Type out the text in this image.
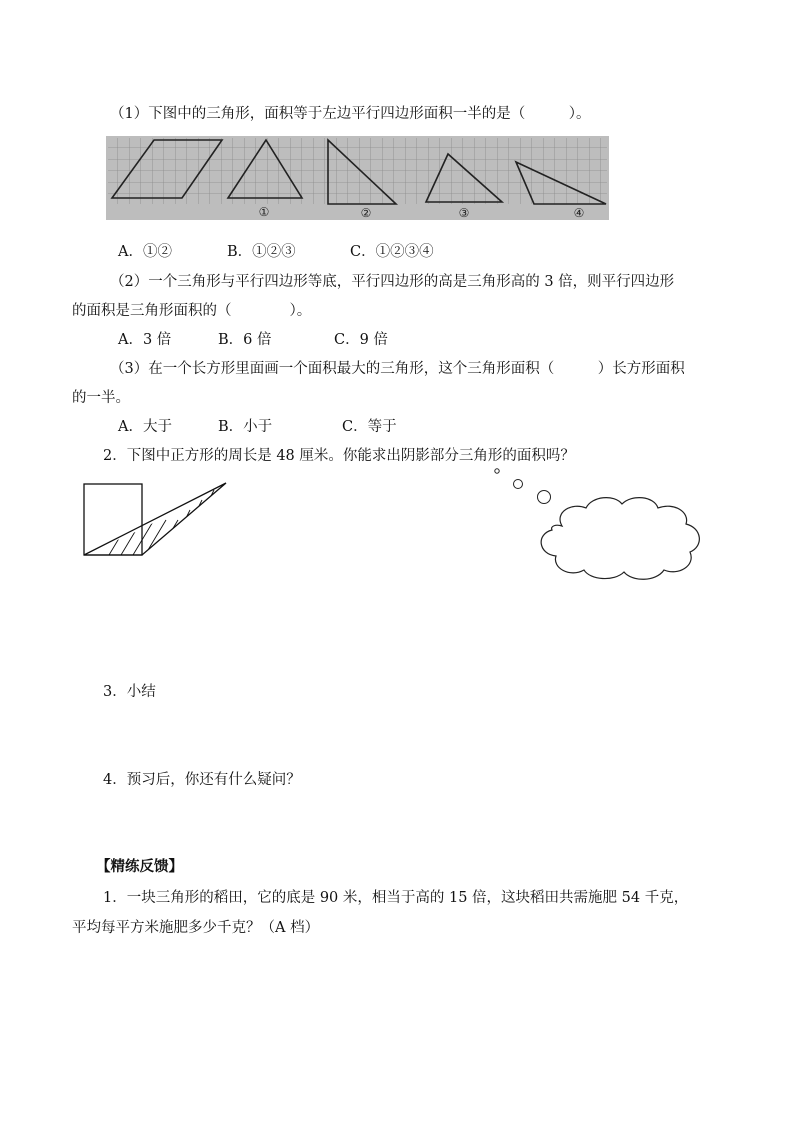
（1）下图中的三角形，面积等于左边平行四边形面积一半的是（　　　）。
①	②	③	④
A．①②	B．①②③	C．①②③④
（2）一个三角形与平行四边形等底，平行四边形的高是三角形高的 3 倍，则平行四边形
的面积是三角形面积的（　　　　）。
A．3 倍	B．6 倍	C．9 倍
（3）在一个长方形里面画一个面积最大的三角形，这个三角形面积（　　　）长方形面积
的一半。
A．大于	B．小于	C．等于
2．下图中正方形的周长是 48 厘米。你能求出阴影部分三角形的面积吗？
3．小结
4．预习后，你还有什么疑问？
【精练反馈】
1．一块三角形的稻田，它的底是 90 米，相当于高的 15 倍，这块稻田共需施肥 54 千克，
平均每平方米施肥多少千克？（A 档）
